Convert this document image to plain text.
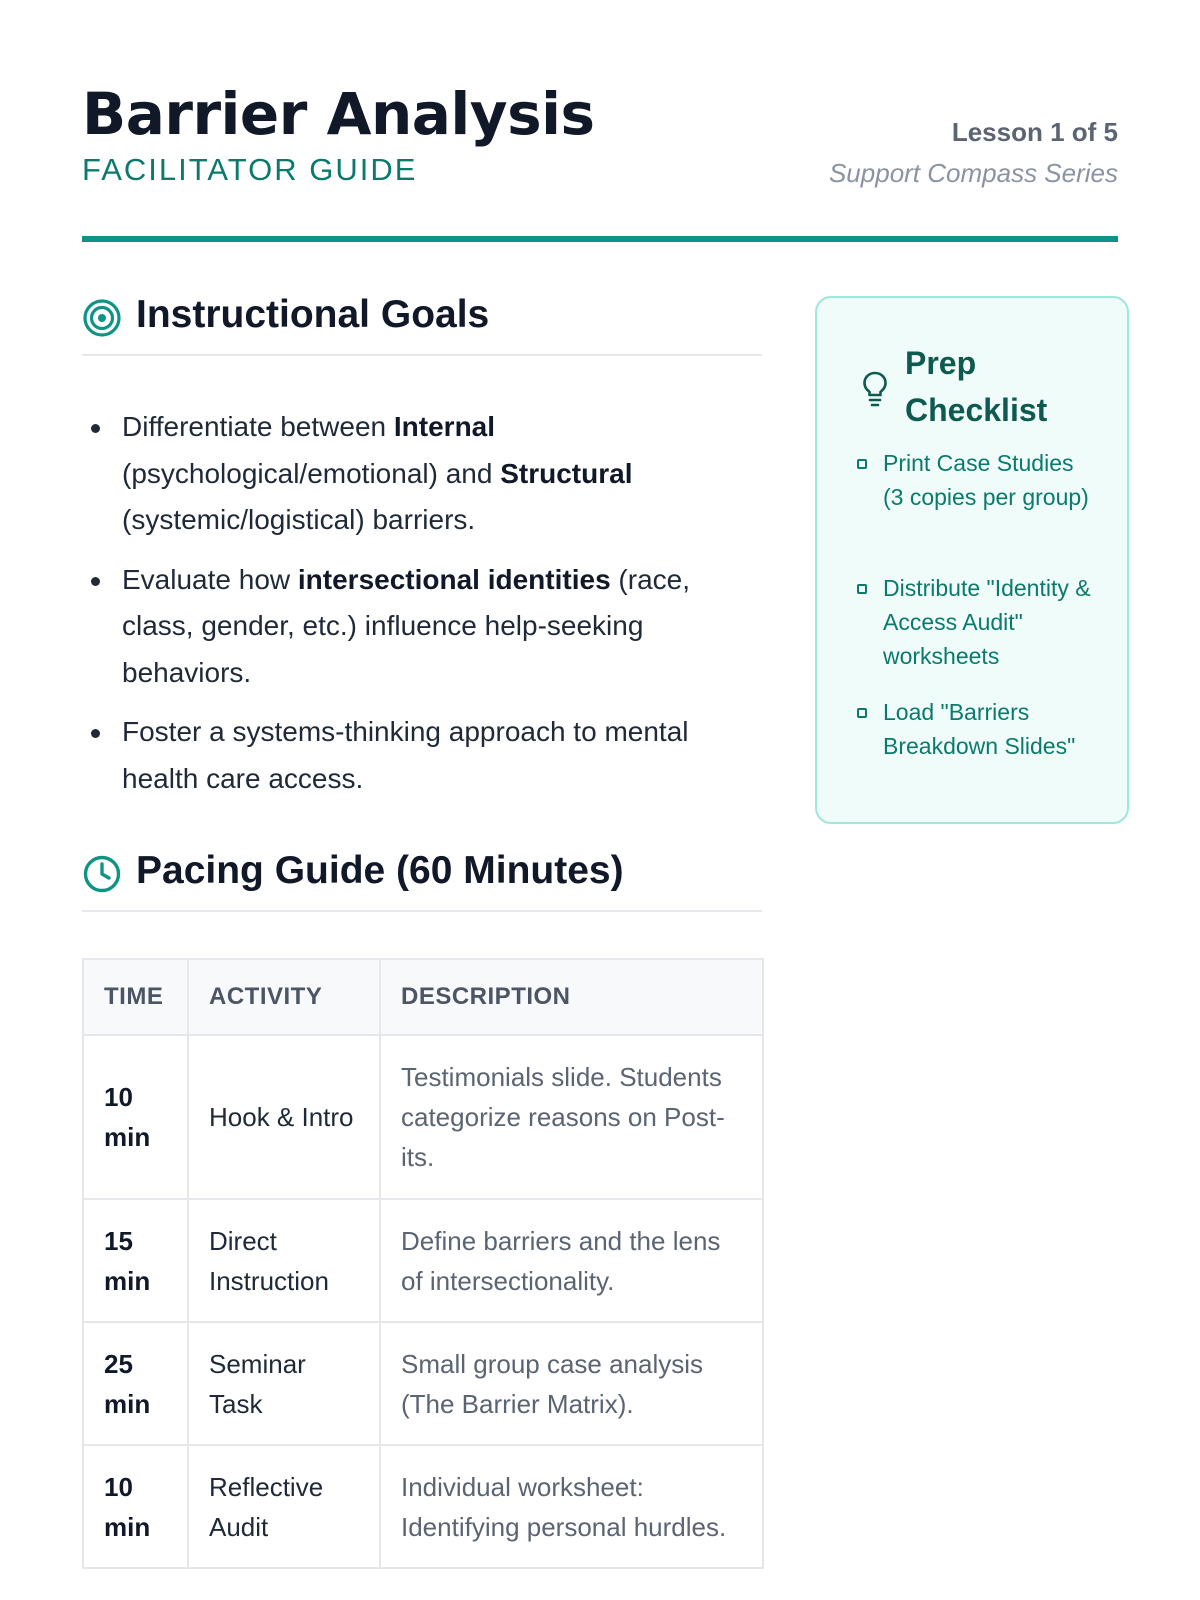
Barrier Analysis
FACILITATOR GUIDE
Lesson 1 of 5
Support Compass Series
Instructional Goals
Differentiate between Internal (psychological/emotional) and Structural (systemic/logistical) barriers.
Evaluate how intersectional identities (race, class, gender, etc.) influence help-seeking behaviors.
Foster a systems-thinking approach to mental health care access.
Prep
Checklist
Print Case Studies (3 copies per group)
Distribute "Identity & Access Audit" worksheets
Load "Barriers Breakdown Slides"
Pacing Guide (60 Minutes)
TIME	ACTIVITY	DESCRIPTION
10 min	Hook & Intro	Testimonials slide. Students categorize reasons on Post-its.
15 min	Direct Instruction	Define barriers and the lens of intersectionality.
25 min	Seminar Task	Small group case analysis (The Barrier Matrix).
10 min	Reflective Audit	Individual worksheet: Identifying personal hurdles.
